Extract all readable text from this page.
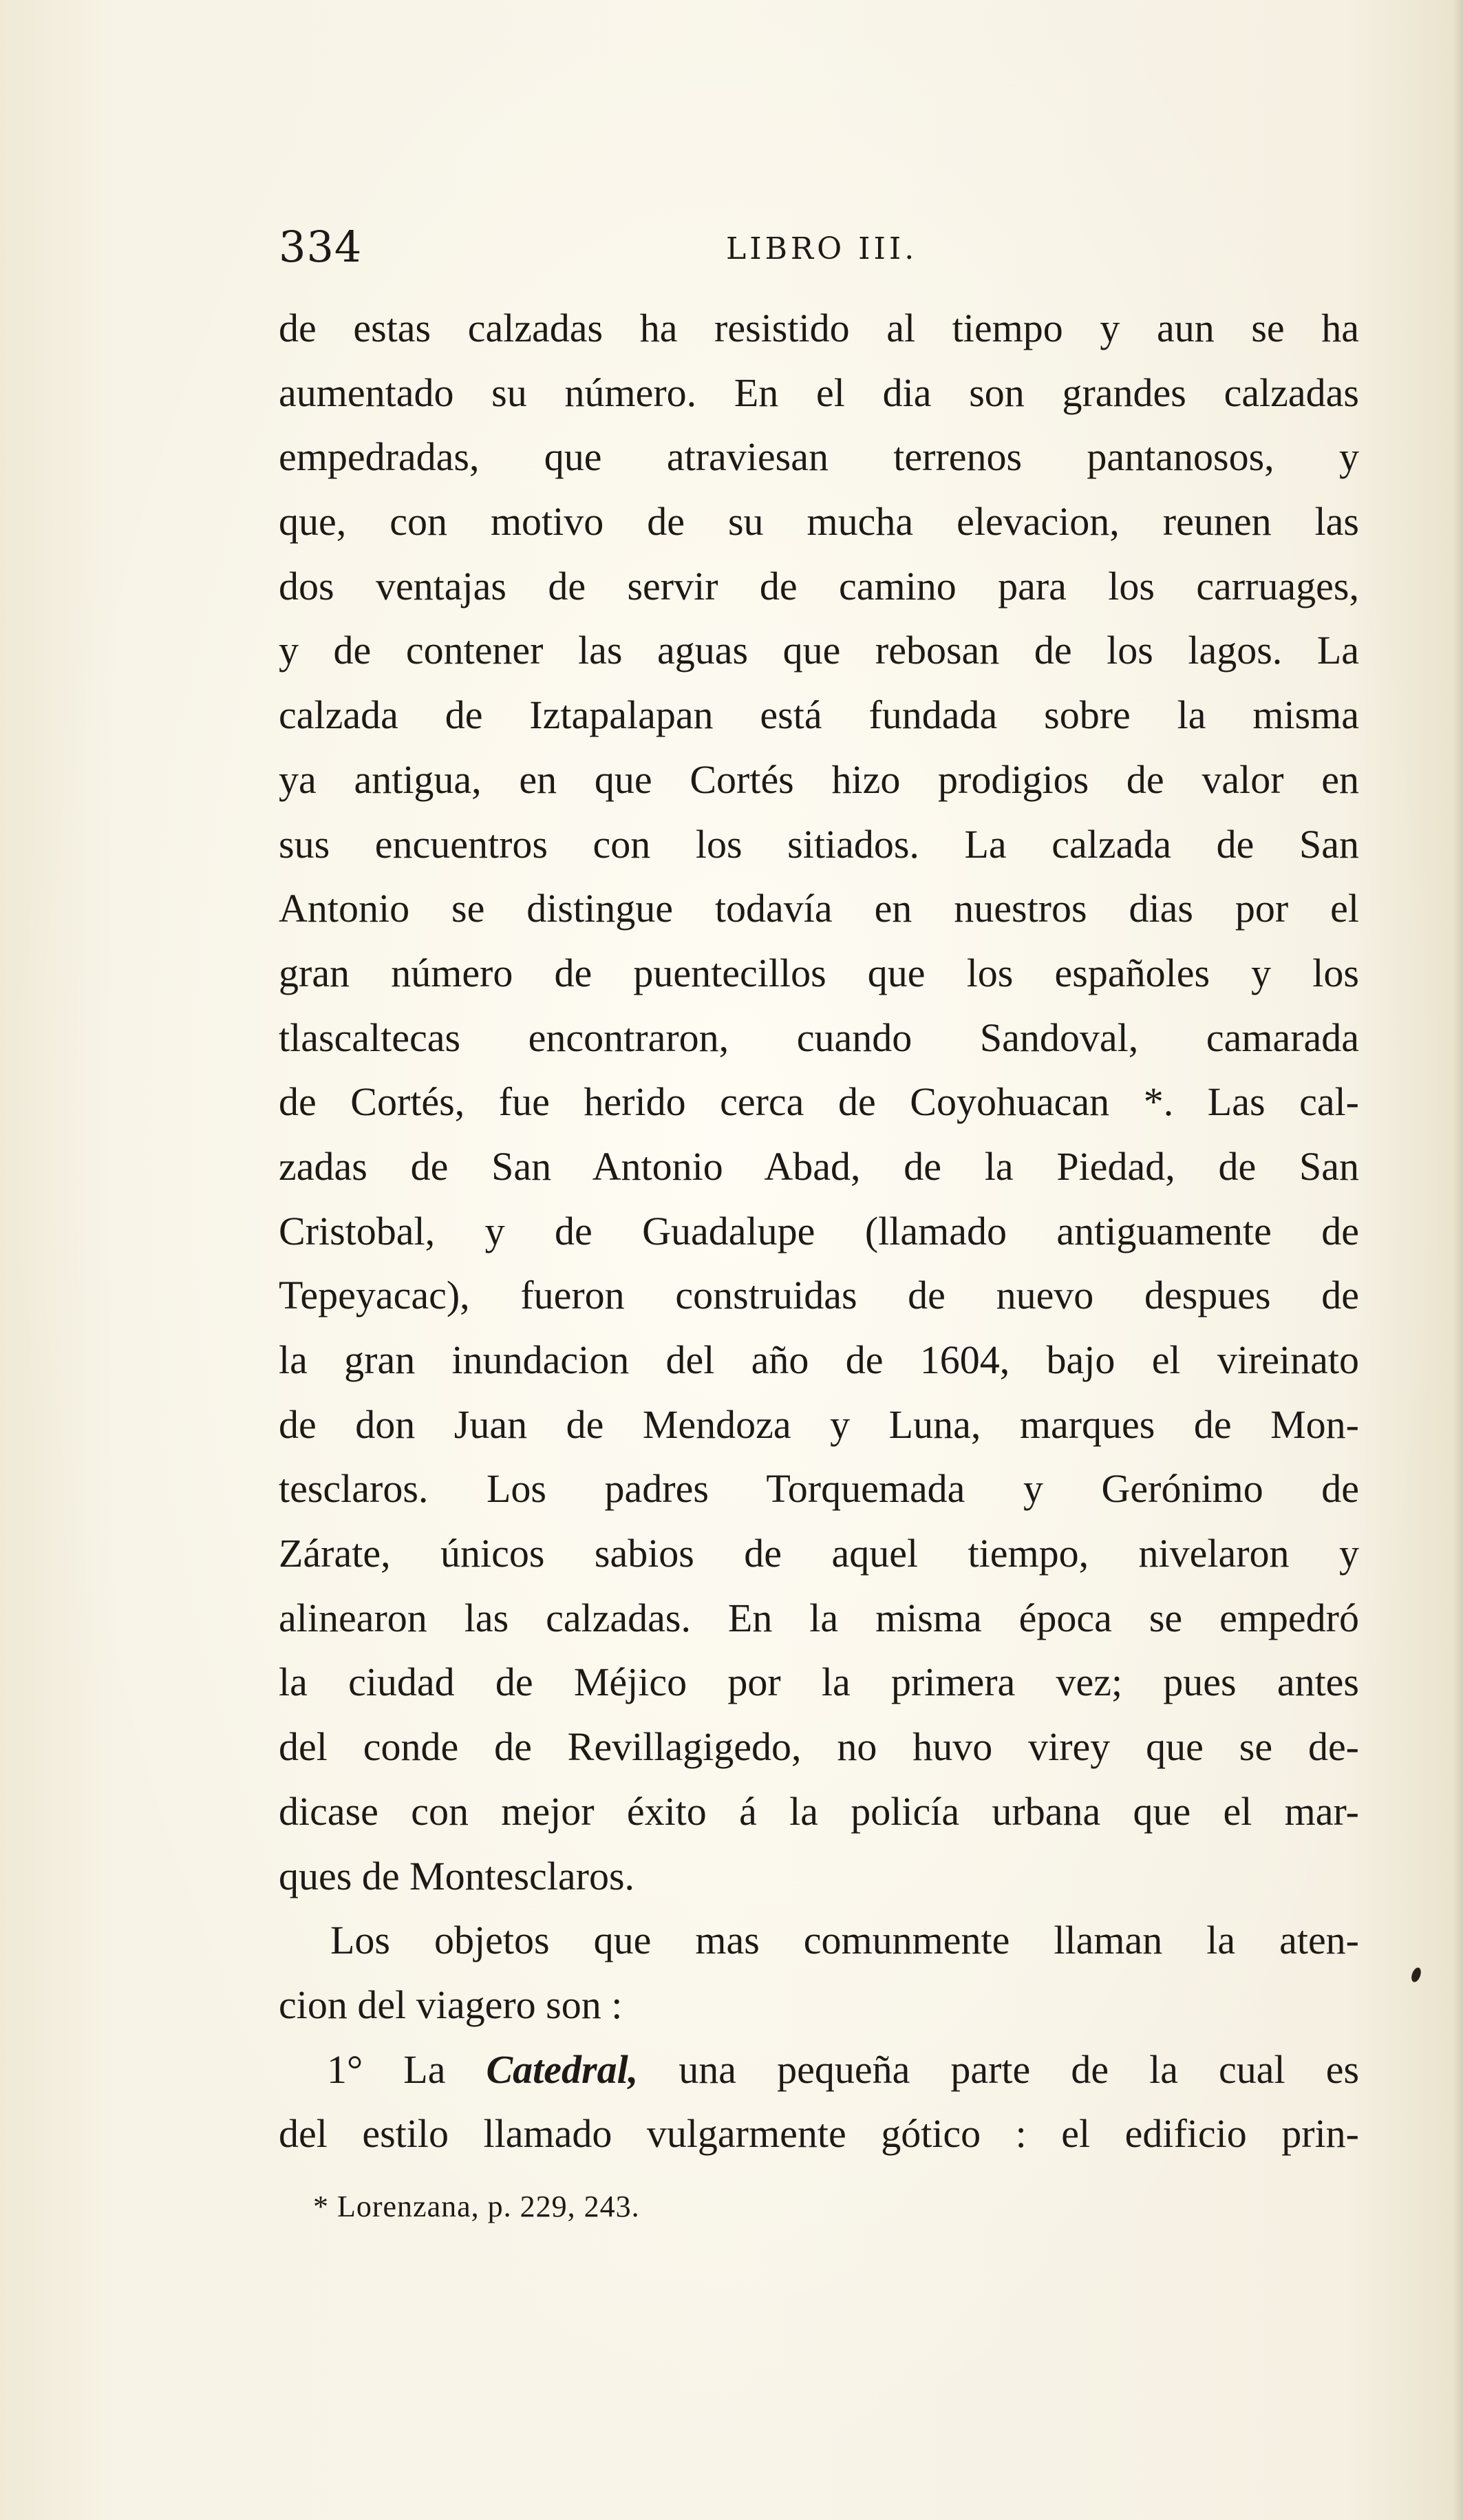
334	LIBRO III.
de estas calzadas ha resistido al tiempo y aun se ha
aumentado su número. En el dia son grandes calzadas
empedradas, que atraviesan terrenos pantanosos, y
que, con motivo de su mucha elevacion, reunen las
dos ventajas de servir de camino para los carruages,
y de contener las aguas que rebosan de los lagos. La
calzada de Iztapalapan está fundada sobre la misma
ya antigua, en que Cortés hizo prodigios de valor en
sus encuentros con los sitiados. La calzada de San
Antonio se distingue todavía en nuestros dias por el
gran número de puentecillos que los españoles y los
tlascaltecas encontraron, cuando Sandoval, camarada
de Cortés, fue herido cerca de Coyohuacan *. Las cal-
zadas de San Antonio Abad, de la Piedad, de San
Cristobal, y de Guadalupe (llamado antiguamente de
Tepeyacac), fueron construidas de nuevo despues de
la gran inundacion del año de 1604, bajo el vireinato
de don Juan de Mendoza y Luna, marques de Mon-
tesclaros. Los padres Torquemada y Gerónimo de
Zárate, únicos sabios de aquel tiempo, nivelaron y
alinearon las calzadas. En la misma época se empedró
la ciudad de Méjico por la primera vez; pues antes
del conde de Revillagigedo, no huvo virey que se de-
dicase con mejor éxito á la policía urbana que el mar-
ques de Montesclaros.
Los objetos que mas comunmente llaman la aten-
cion del viagero son :
1° La Catedral, una pequeña parte de la cual es
del estilo llamado vulgarmente gótico : el edificio prin-
* Lorenzana, p. 229, 243.
